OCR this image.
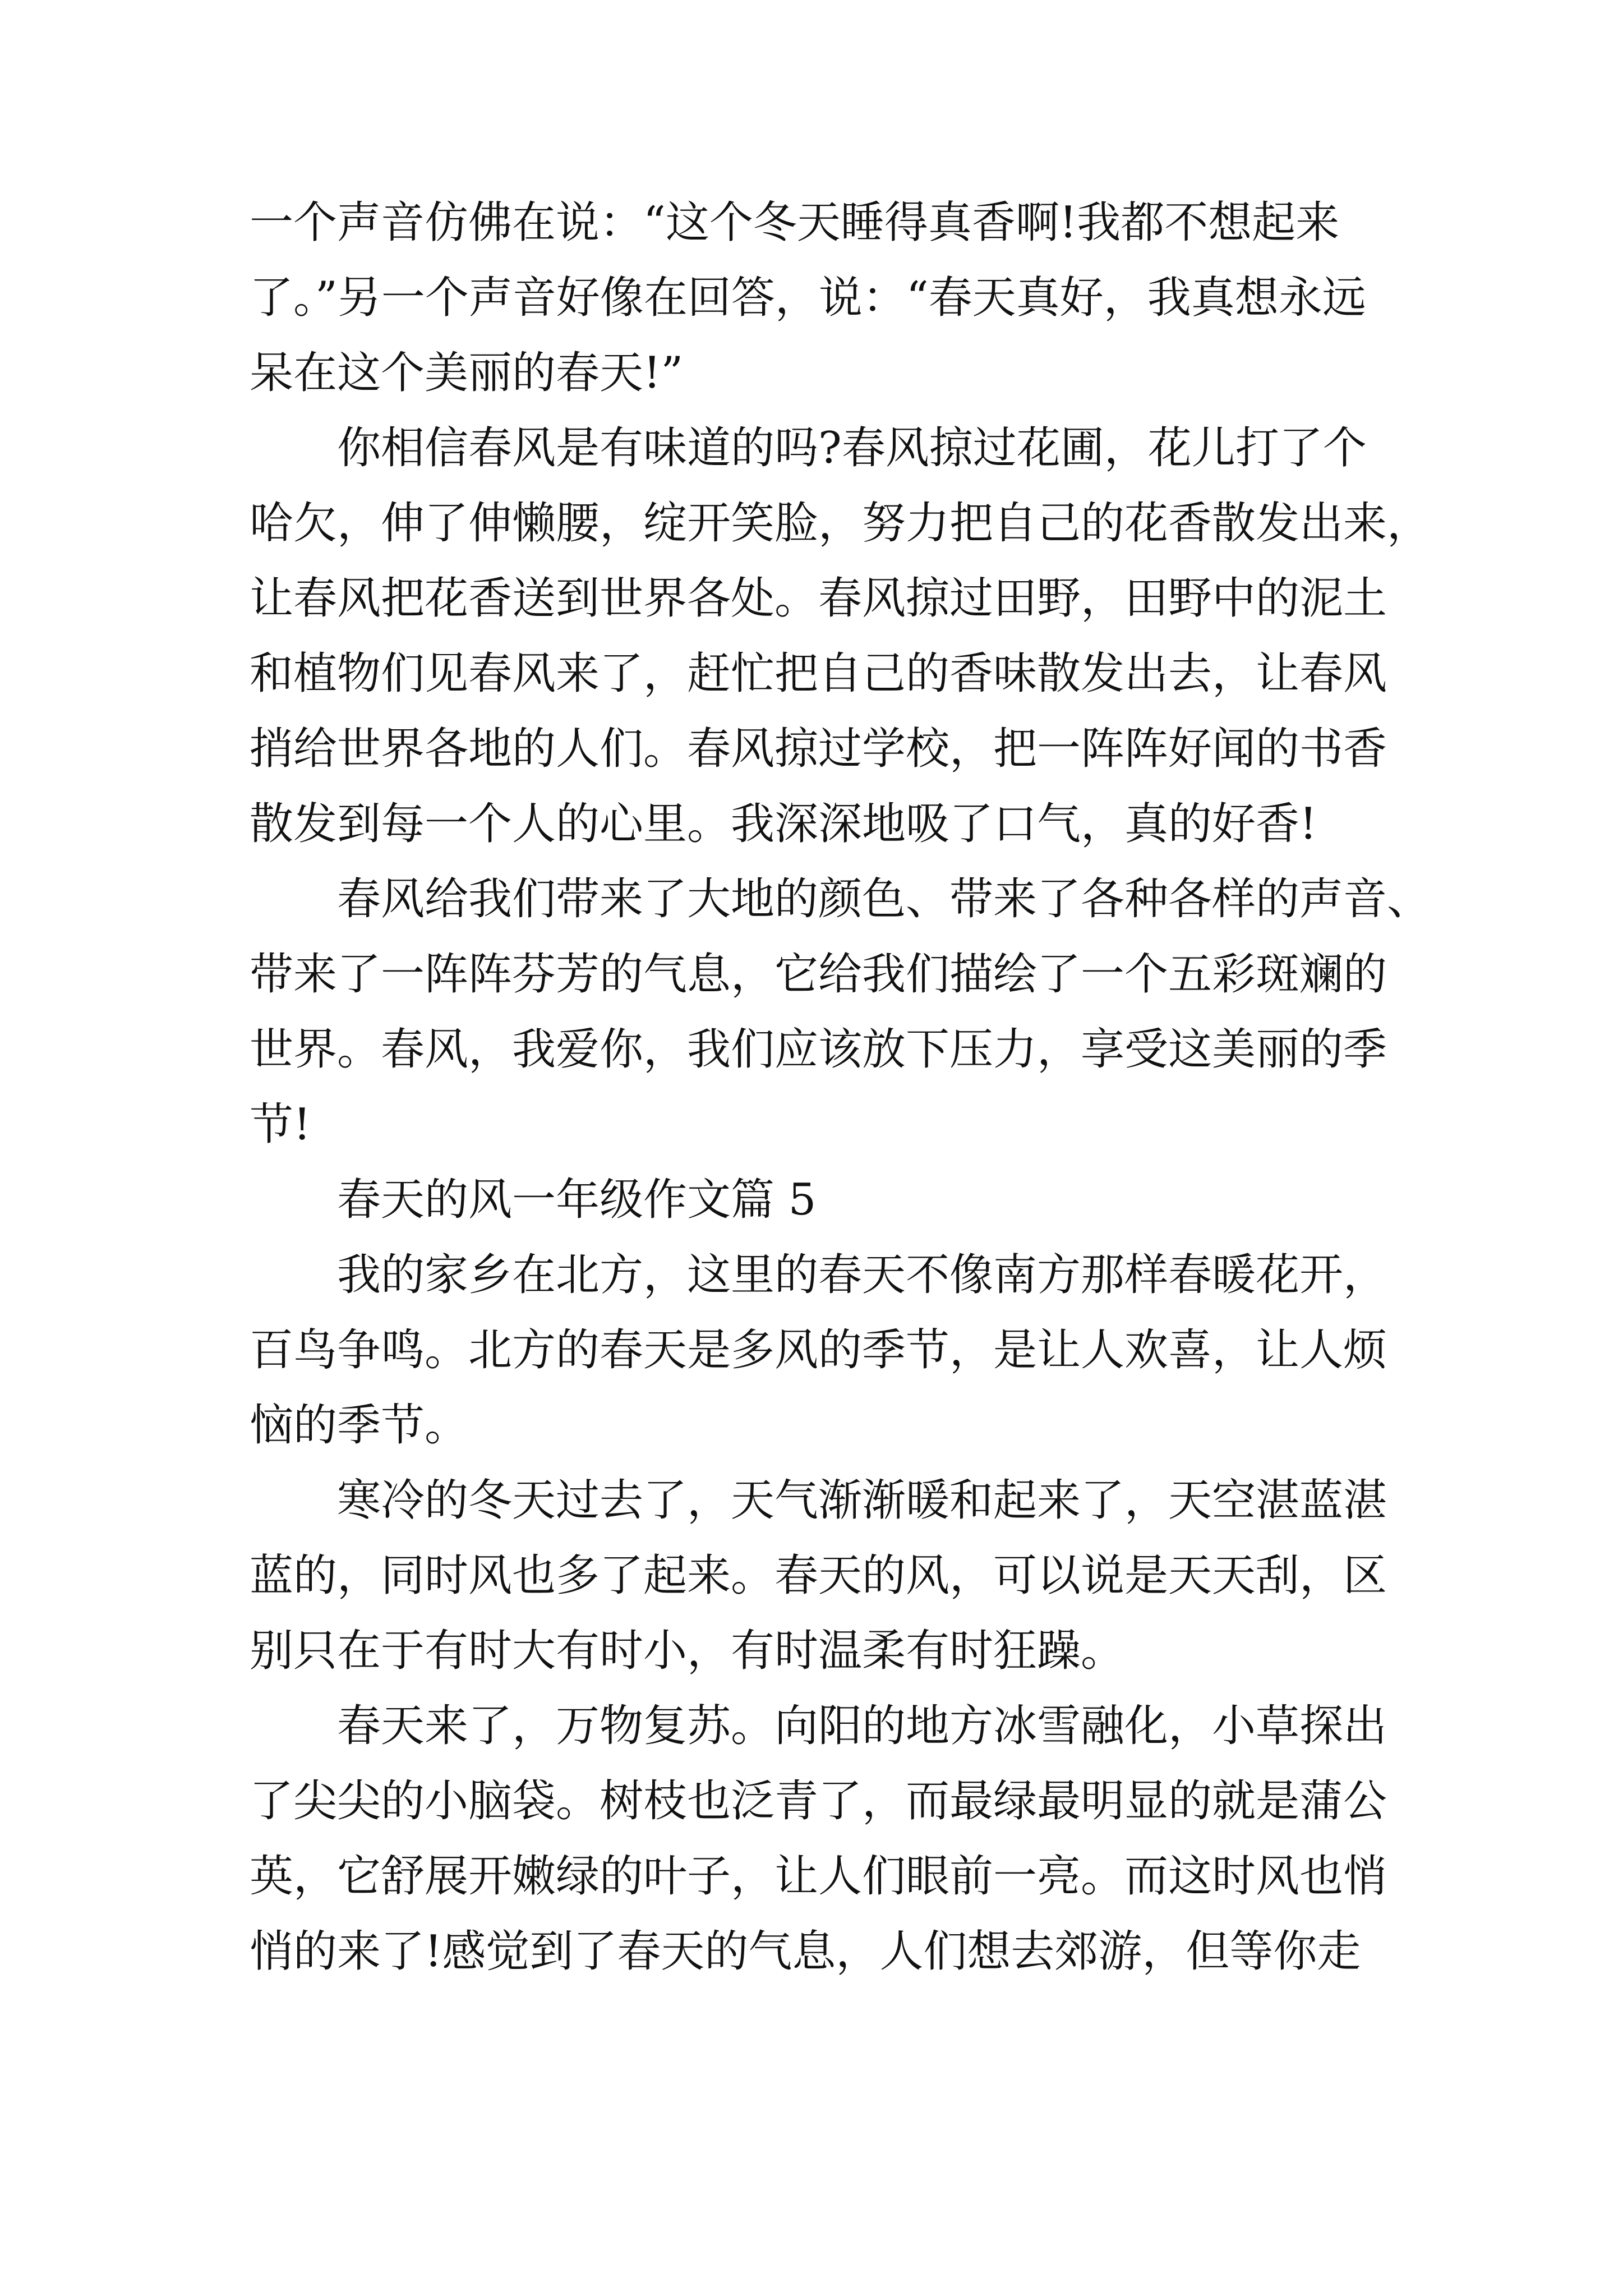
一个声音仿佛在说：“这个冬天睡得真香啊!我都不想起来
了。”另一个声音好像在回答，说：“春天真好，我真想永远
呆在这个美丽的春天!”
你相信春风是有味道的吗?春风掠过花圃，花儿打了个
哈欠，伸了伸懒腰，绽开笑脸，努力把自己的花香散发出来，
让春风把花香送到世界各处。春风掠过田野，田野中的泥土
和植物们见春风来了，赶忙把自己的香味散发出去，让春风
捎给世界各地的人们。春风掠过学校，把一阵阵好闻的书香
散发到每一个人的心里。我深深地吸了口气，真的好香!
春风给我们带来了大地的颜色、带来了各种各样的声音、
带来了一阵阵芬芳的气息，它给我们描绘了一个五彩斑斓的
世界。春风，我爱你，我们应该放下压力，享受这美丽的季
节!
春天的风一年级作文篇 5
我的家乡在北方，这里的春天不像南方那样春暖花开，
百鸟争鸣。北方的春天是多风的季节，是让人欢喜，让人烦
恼的季节。
寒冷的冬天过去了，天气渐渐暖和起来了，天空湛蓝湛
蓝的，同时风也多了起来。春天的风，可以说是天天刮，区
别只在于有时大有时小，有时温柔有时狂躁。
春天来了，万物复苏。向阳的地方冰雪融化，小草探出
了尖尖的小脑袋。树枝也泛青了，而最绿最明显的就是蒲公
英，它舒展开嫩绿的叶子，让人们眼前一亮。而这时风也悄
悄的来了!感觉到了春天的气息，人们想去郊游，但等你走
